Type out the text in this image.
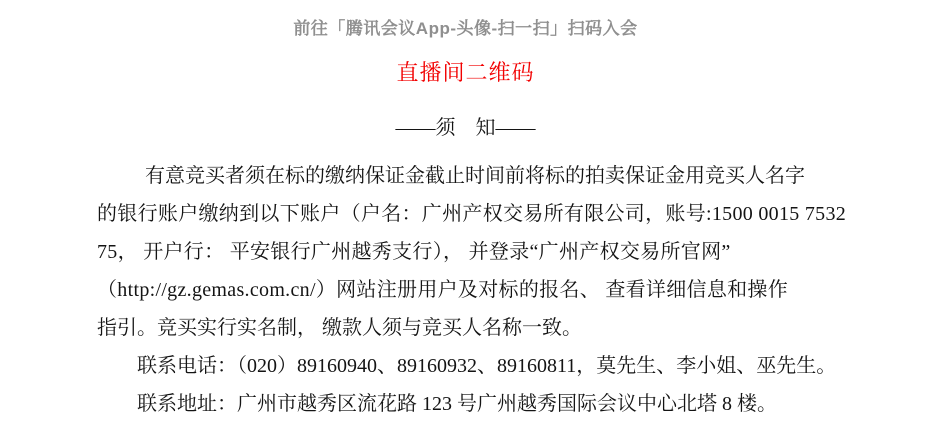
前往「腾讯会议App-头像-扫一扫」扫码入会
直播间二维码
——须　知——

有意竞买者须在标的缴纳保证金截止时间前将标的拍卖保证金用竞买人名字

的银行账户缴纳到以下账户（户名：广州产权交易所有限公司，账号:1500 0015 7532

75， 开户行： 平安银行广州越秀支行）， 并登录“广州产权交易所官网”

（http://gz.gemas.com.cn/）网站注册用户及对标的报名、 查看详细信息和操作

指引。竞买实行实名制， 缴款人须与竞买人名称一致。

联系电话：（020）89160940、89160932、89160811，莫先生、李小姐、巫先生。

联系地址：广州市越秀区流花路 123 号广州越秀国际会议中心北塔 8 楼。
